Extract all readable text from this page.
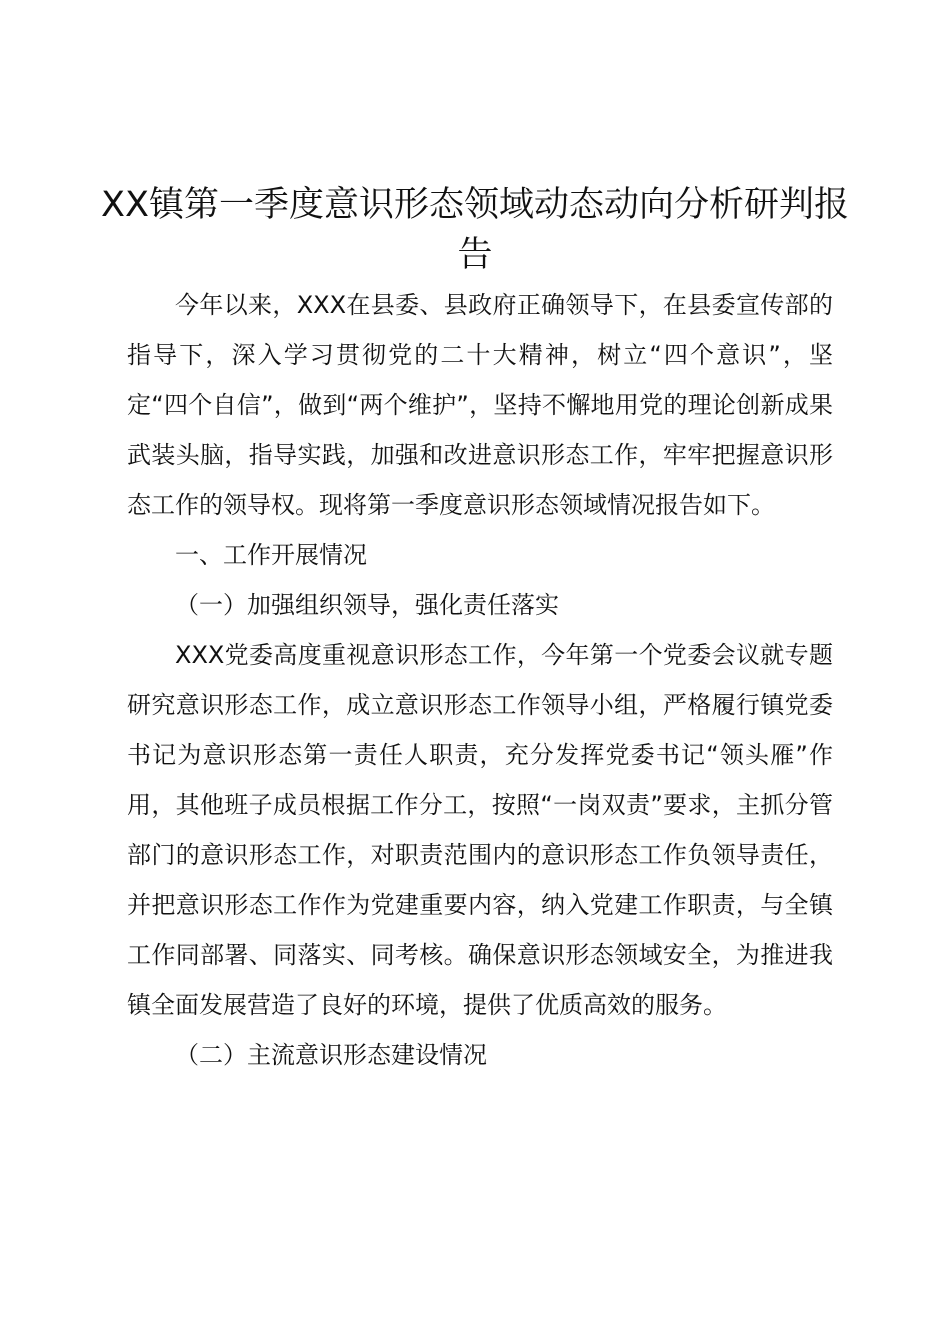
XX镇第一季度意识形态领域动态动向分析研判报告

今年以来，XXX在县委、县政府正确领导下，在县委宣传部的指导下，深入学习贯彻党的二十大精神，树立“四个意识”，坚定“四个自信”，做到“两个维护”，坚持不懈地用党的理论创新成果武装头脑，指导实践，加强和改进意识形态工作，牢牢把握意识形态工作的领导权。现将第一季度意识形态领域情况报告如下。

一、工作开展情况

（一）加强组织领导，强化责任落实

XXX党委高度重视意识形态工作，今年第一个党委会议就专题研究意识形态工作，成立意识形态工作领导小组，严格履行镇党委书记为意识形态第一责任人职责，充分发挥党委书记“领头雁”作用，其他班子成员根据工作分工，按照“一岗双责”要求，主抓分管部门的意识形态工作，对职责范围内的意识形态工作负领导责任，并把意识形态工作作为党建重要内容，纳入党建工作职责，与全镇工作同部署、同落实、同考核。确保意识形态领域安全，为推进我镇全面发展营造了良好的环境，提供了优质高效的服务。

（二）主流意识形态建设情况
